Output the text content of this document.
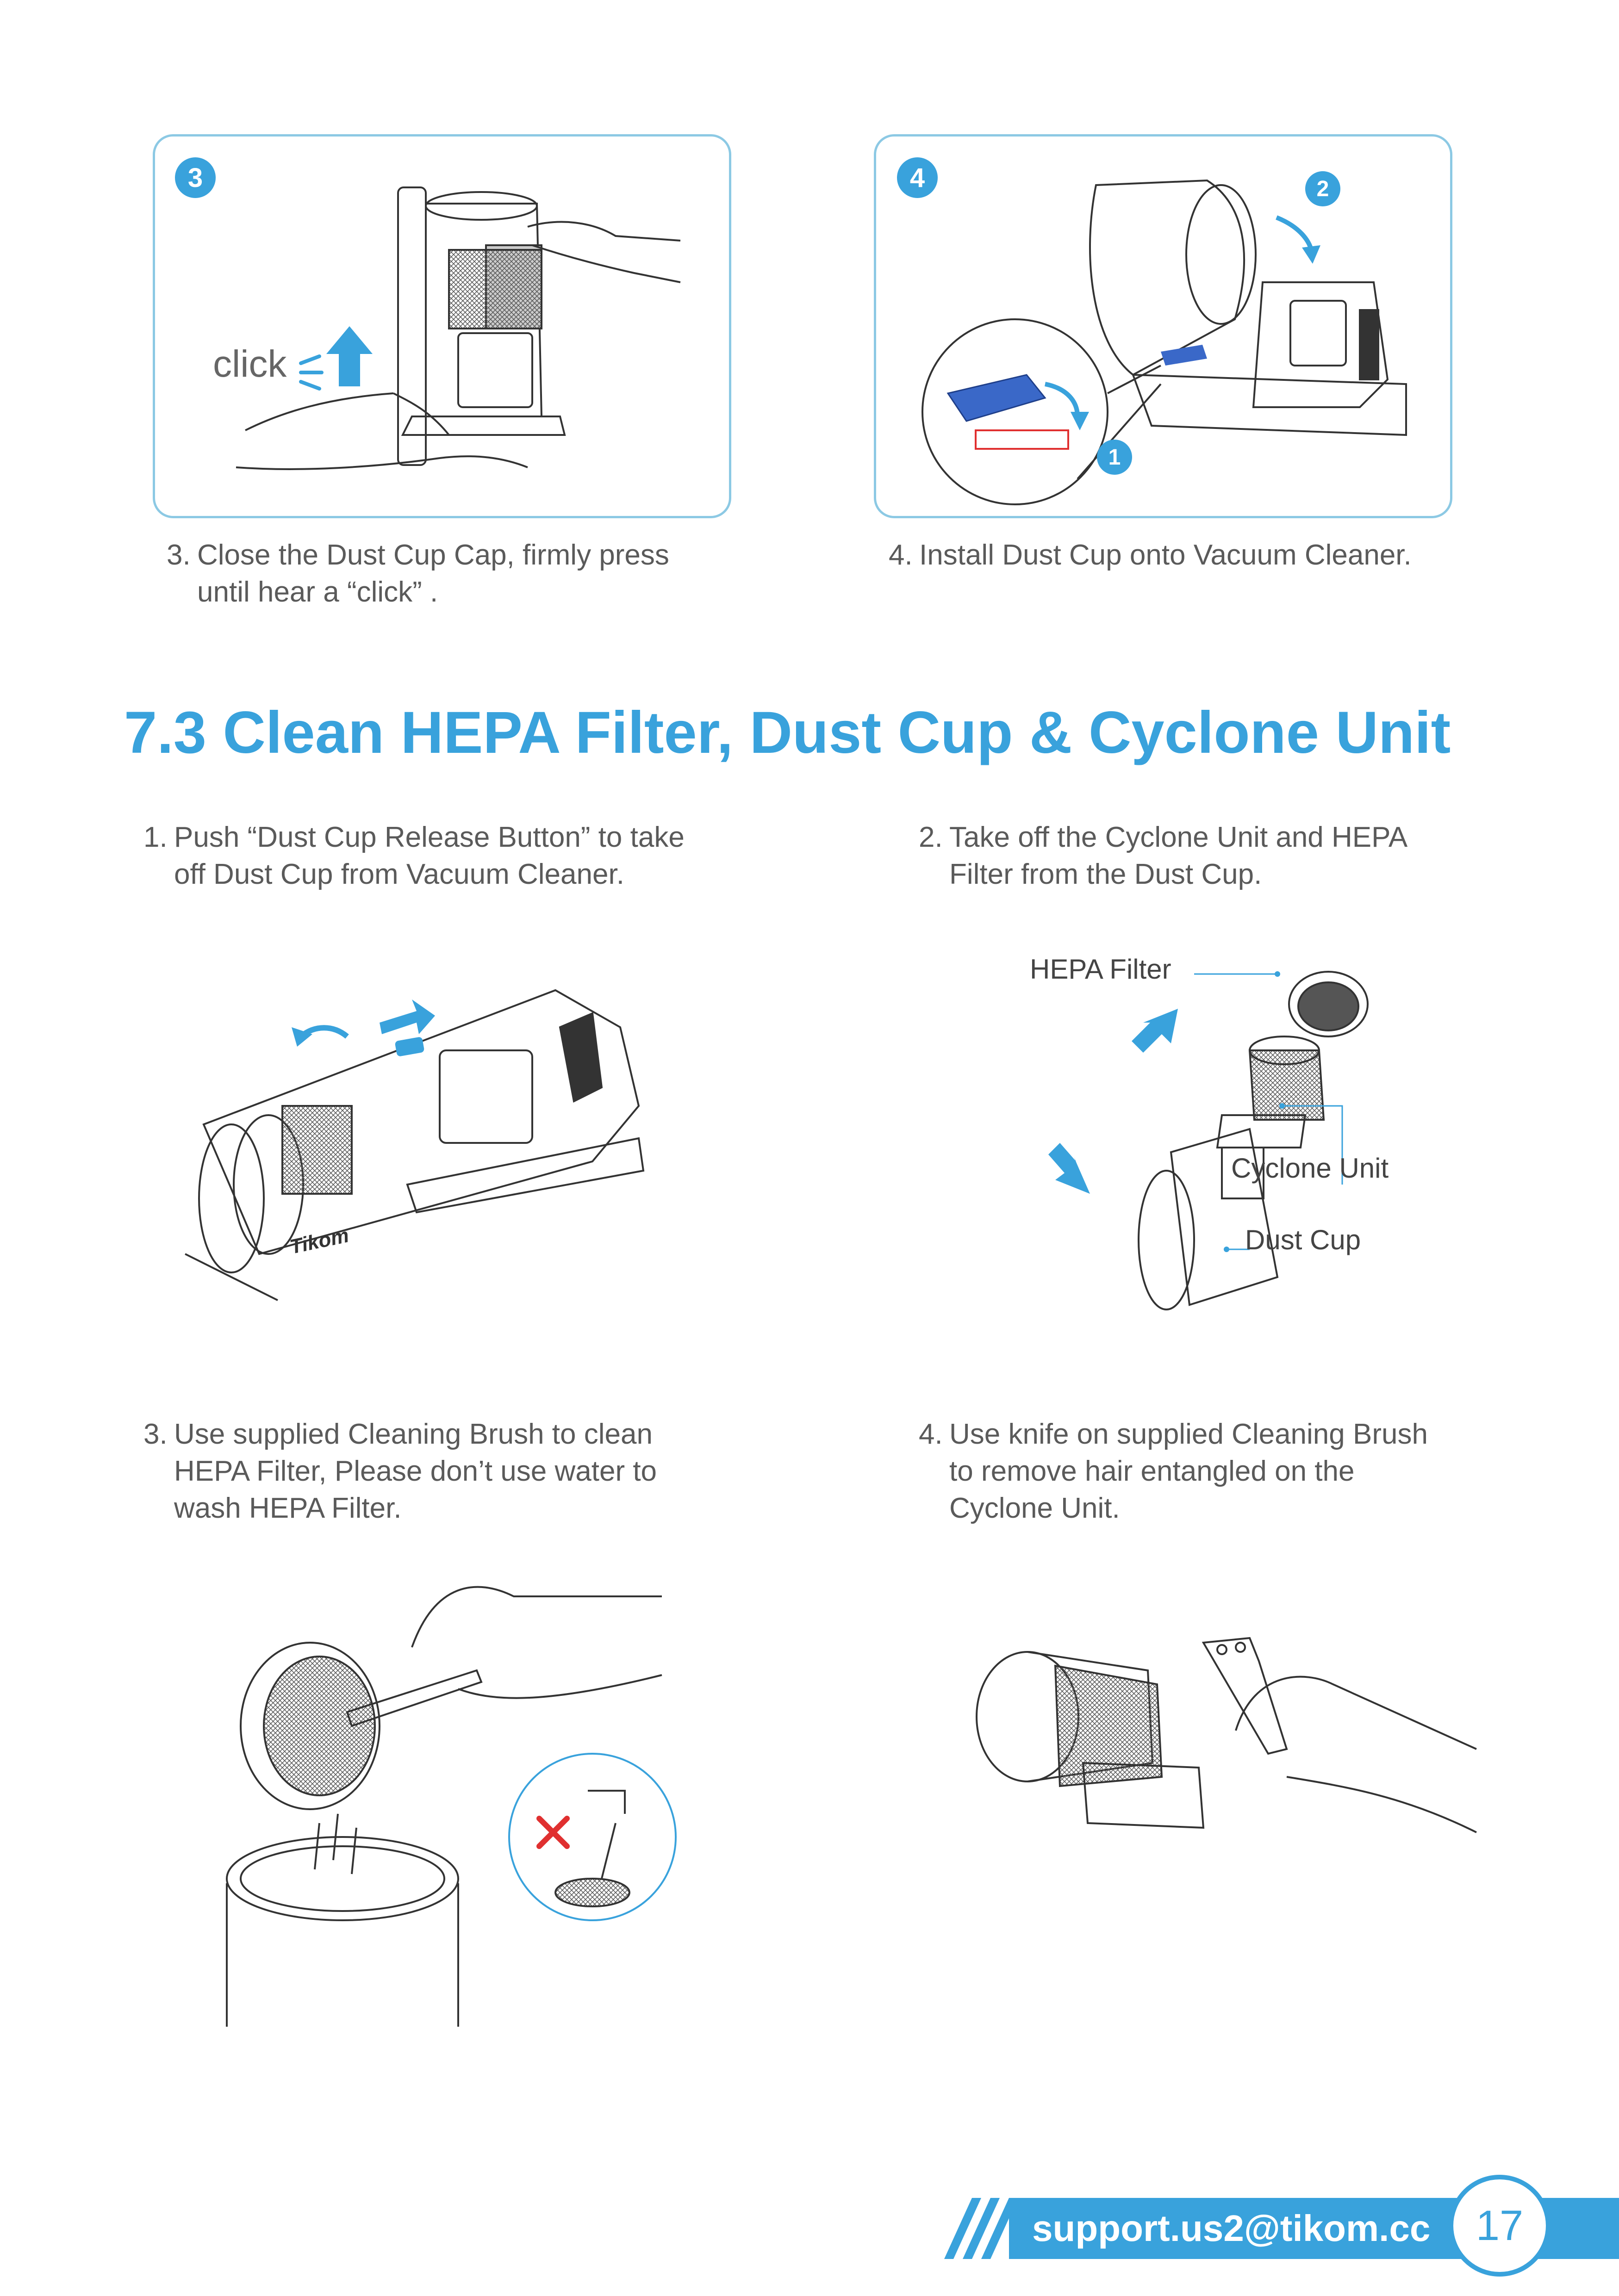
3
click
3. Close the Dust Cup Cap, firmly press
until hear a “click” .
4	2
1
4. Install Dust Cup onto Vacuum Cleaner.
7.3 Clean HEPA Filter, Dust Cup & Cyclone Unit
1. Push “Dust Cup Release Button” to take
off Dust Cup from Vacuum Cleaner.
Tikom
2. Take off the Cyclone Unit and HEPA
Filter from the Dust Cup.
HEPA Filter
Cyclone Unit
Dust Cup
3. Use supplied Cleaning Brush to clean
HEPA Filter, Please don’t use water to
wash HEPA Filter.
4. Use knife on supplied Cleaning Brush
to remove hair entangled on the
Cyclone Unit.
support.us2@tikom.cc	17
